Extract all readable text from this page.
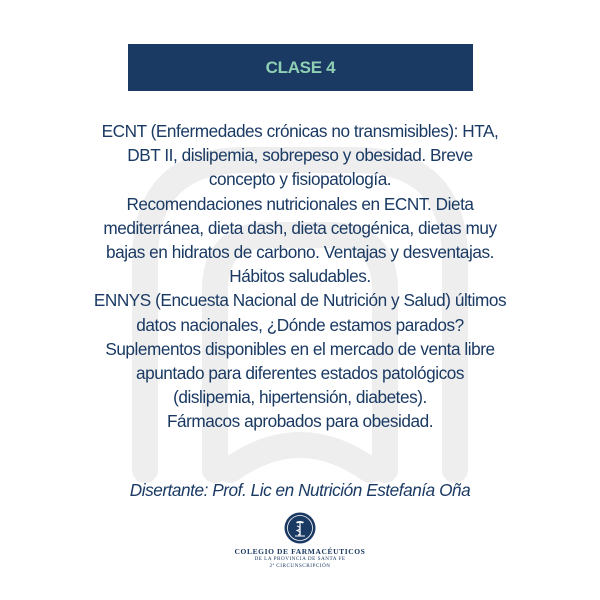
CLASE 4
ECNT (Enfermedades crónicas no transmisibles): HTA,
DBT II, dislipemia, sobrepeso y obesidad. Breve
concepto y fisiopatología.
Recomendaciones nutricionales en ECNT. Dieta
mediterránea, dieta dash, dieta cetogénica, dietas muy
bajas en hidratos de carbono. Ventajas y desventajas.
Hábitos saludables.
ENNYS (Encuesta Nacional de Nutrición y Salud) últimos
datos nacionales, ¿Dónde estamos parados?
Suplementos disponibles en el mercado de venta libre
apuntado para diferentes estados patológicos
(dislipemia, hipertensión, diabetes).
Fármacos aprobados para obesidad.
Disertante: Prof. Lic en Nutrición Estefanía Oña
COLEGIO DE FARMACÉUTICOS
DE LA PROVINCIA DE SANTA FE
2ª CIRCUNSCRIPCIÓN
